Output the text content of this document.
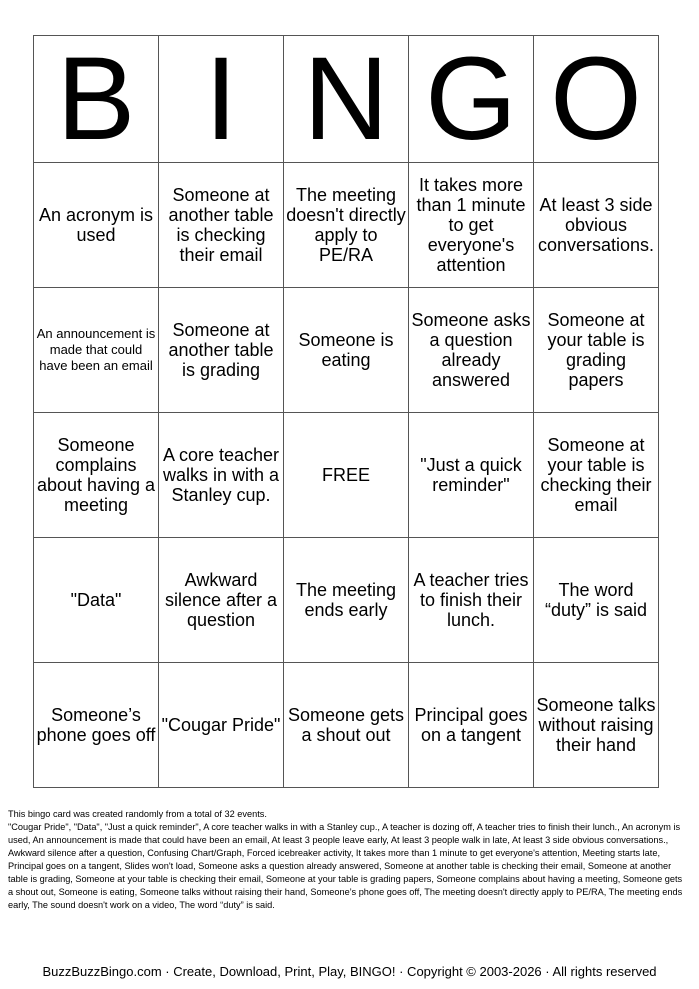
B	I	N	G	O
An acronym is used	Someone at another table is checking their email	The meeting doesn't directly apply to PE/RA	It takes more than 1 minute to get everyone's attention	At least 3 side obvious conversations.
An announcement is made that could have been an email	Someone at another table is grading	Someone is eating	Someone asks a question already answered	Someone at your table is grading papers
Someone complains about having a meeting	A core teacher walks in with a Stanley cup.	FREE	"Just a quick reminder"	Someone at your table is checking their email
"Data"	Awkward silence after a question	The meeting ends early	A teacher tries to finish their lunch.	The word “duty” is said
Someone’s phone goes off	"Cougar Pride"	Someone gets a shout out	Principal goes on a tangent	Someone talks without raising their hand

This bingo card was created randomly from a total of 32 events.

"Cougar Pride", "Data", "Just a quick reminder", A core teacher walks in with a Stanley cup., A teacher is dozing off, A teacher tries to finish their lunch., An acronym is used, An announcement is made that could have been an email, At least 3 people leave early, At least 3 people walk in late, At least 3 side obvious conversations., Awkward silence after a question, Confusing Chart/Graph, Forced icebreaker activity, It takes more than 1 minute to get everyone's attention, Meeting starts late, Principal goes on a tangent, Slides won't load, Someone asks a question already answered, Someone at another table is checking their email, Someone at another table is grading, Someone at your table is checking their email, Someone at your table is grading papers, Someone complains about having a meeting, Someone gets a shout out, Someone is eating, Someone talks without raising their hand, Someone’s phone goes off, The meeting doesn't directly apply to PE/RA, The meeting ends early, The sound doesn't work on a video, The word “duty” is said.

BuzzBuzzBingo.com · Create, Download, Print, Play, BINGO! · Copyright © 2003-2026 · All rights reserved
